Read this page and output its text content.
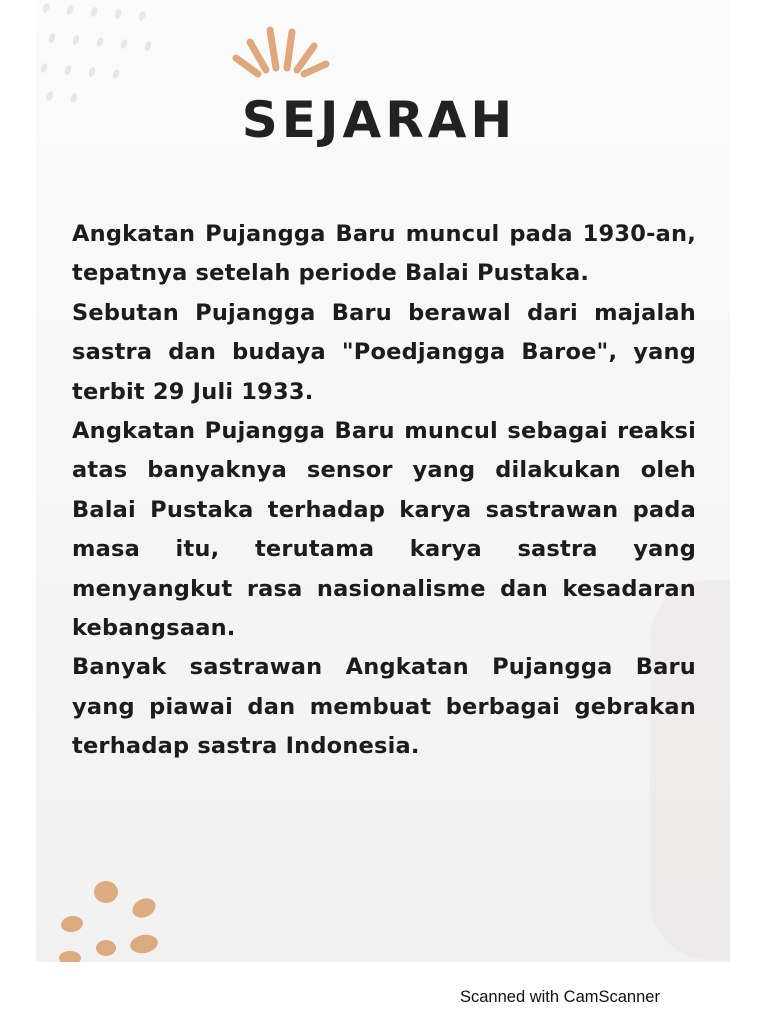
SEJARAH

Angkatan Pujangga Baru muncul pada 1930-an, tepatnya setelah periode Balai Pustaka.

Sebutan Pujangga Baru berawal dari majalah sastra dan budaya "Poedjangga Baroe", yang terbit 29 Juli 1933.

Angkatan Pujangga Baru muncul sebagai reaksi atas banyaknya sensor yang dilakukan oleh Balai Pustaka terhadap karya sastrawan pada masa itu, terutama karya sastra yang menyangkut rasa nasionalisme dan kesadaran kebangsaan.

Banyak sastrawan Angkatan Pujangga Baru yang piawai dan membuat berbagai gebrakan terhadap sastra Indonesia.

Scanned with CamScanner
